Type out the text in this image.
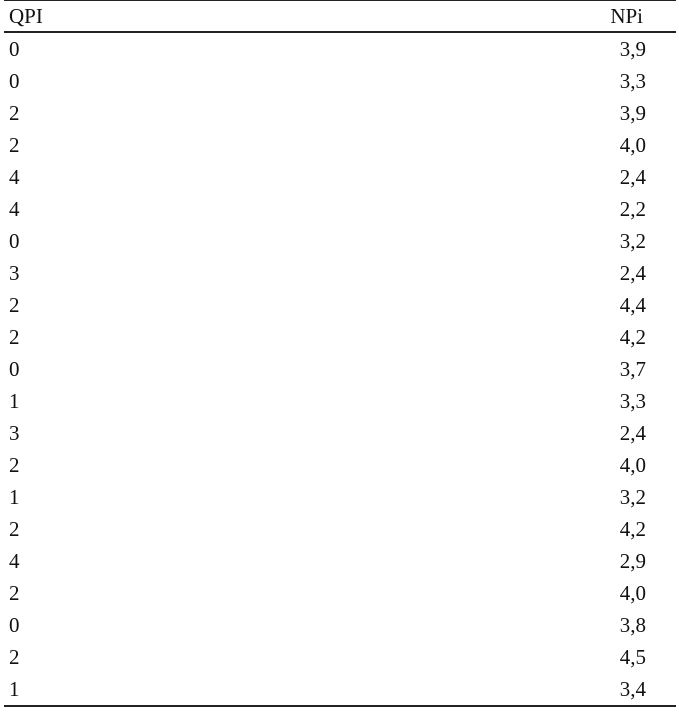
QPI	NPi
0	3,9
0	3,3
2	3,9
2	4,0
4	2,4
4	2,2
0	3,2
3	2,4
2	4,4
2	4,2
0	3,7
1	3,3
3	2,4
2	4,0
1	3,2
2	4,2
4	2,9
2	4,0
0	3,8
2	4,5
1	3,4
